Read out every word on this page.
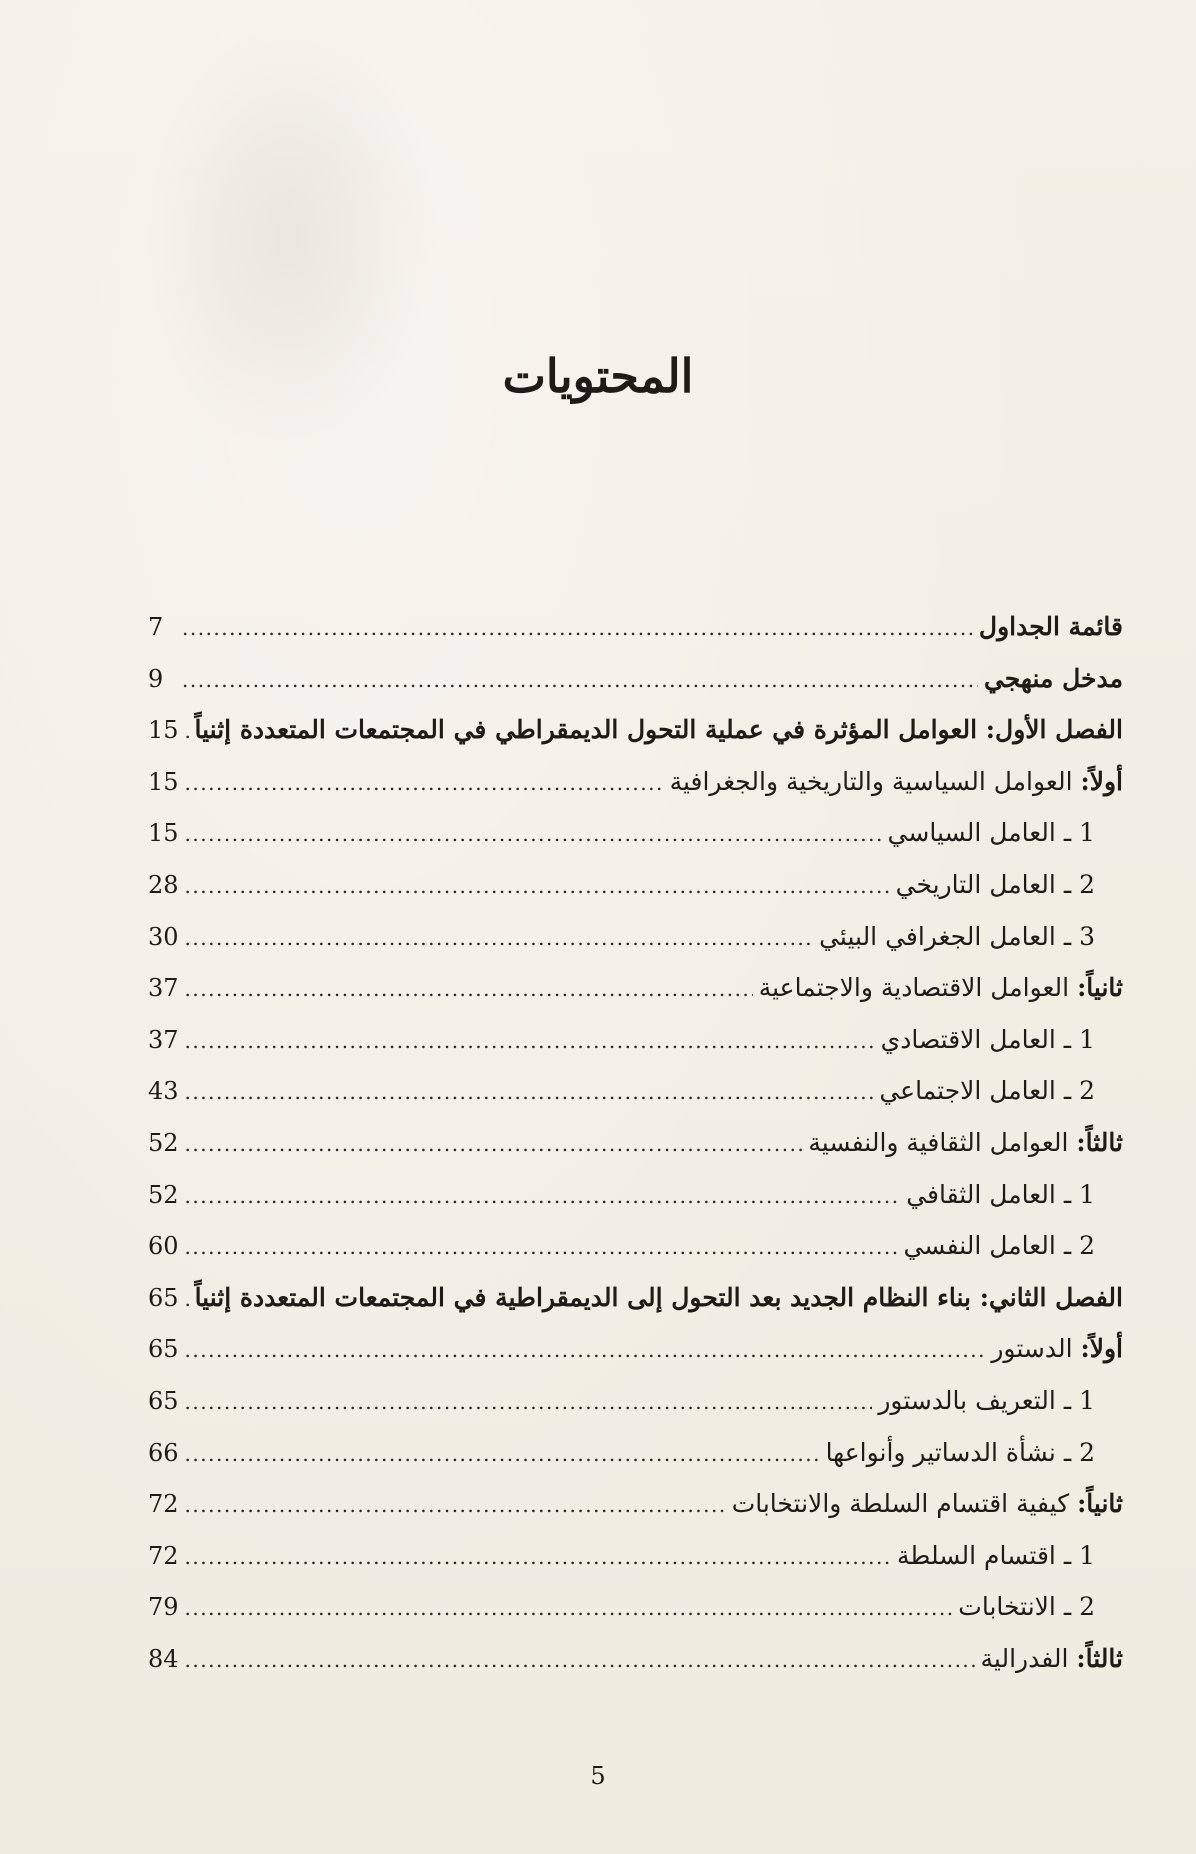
المحتويات
قائمة الجداول
.....
7
مدخل منهجي
.....
9
الفصل الأول: العوامل المؤثرة في عملية التحول الديمقراطي في المجتمعات المتعددة إثنياً
.....
15
أولاً: العوامل السياسية والتاريخية والجغرافية
.....
15
1 ـ العامل السياسي
.....
15
2 ـ العامل التاريخي
.....
28
3 ـ العامل الجغرافي البيئي
.....
30
ثانياً: العوامل الاقتصادية والاجتماعية
.....
37
1 ـ العامل الاقتصادي
.....
37
2 ـ العامل الاجتماعي
.....
43
ثالثاً: العوامل الثقافية والنفسية
.....
52
1 ـ العامل الثقافي
.....
52
2 ـ العامل النفسي
.....
60
الفصل الثاني: بناء النظام الجديد بعد التحول إلى الديمقراطية في المجتمعات المتعددة إثنياً
.....
65
أولاً: الدستور
.....
65
1 ـ التعريف بالدستور
.....
65
2 ـ نشأة الدساتير وأنواعها
.....
66
ثانياً: كيفية اقتسام السلطة والانتخابات
.....
72
1 ـ اقتسام السلطة
.....
72
2 ـ الانتخابات
.....
79
ثالثاً: الفدرالية
.....
84
5
